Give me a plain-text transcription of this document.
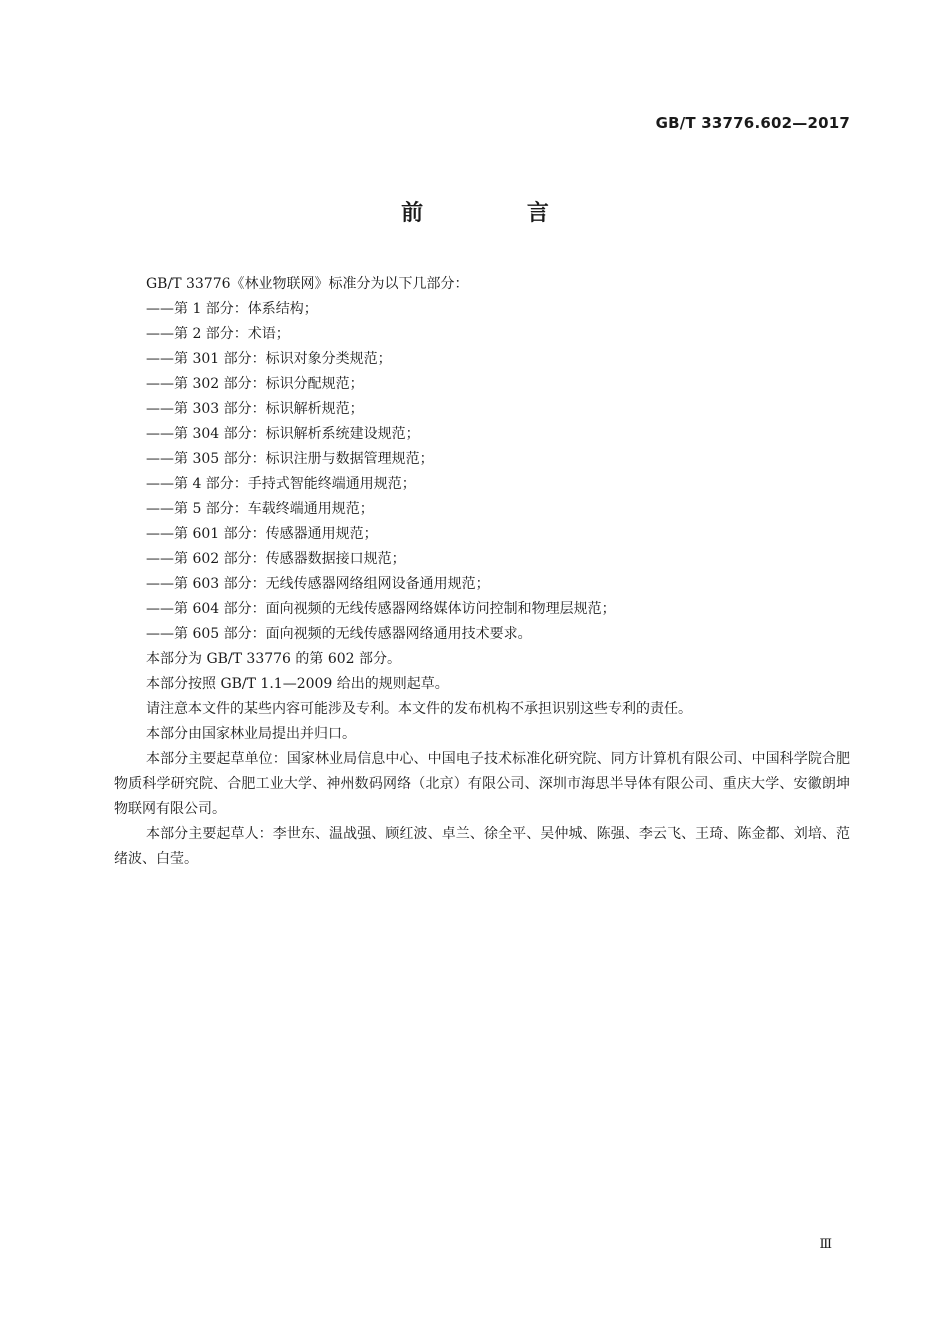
GB/T 33776.602—2017
前 言
GB/T 33776《林业物联网》标准分为以下几部分：
——第 1 部分：体系结构；
——第 2 部分：术语；
——第 301 部分：标识对象分类规范；
——第 302 部分：标识分配规范；
——第 303 部分：标识解析规范；
——第 304 部分：标识解析系统建设规范；
——第 305 部分：标识注册与数据管理规范；
——第 4 部分：手持式智能终端通用规范；
——第 5 部分：车载终端通用规范；
——第 601 部分：传感器通用规范；
——第 602 部分：传感器数据接口规范；
——第 603 部分：无线传感器网络组网设备通用规范；
——第 604 部分：面向视频的无线传感器网络媒体访问控制和物理层规范；
——第 605 部分：面向视频的无线传感器网络通用技术要求。
本部分为 GB/T 33776 的第 602 部分。
本部分按照 GB/T 1.1—2009 给出的规则起草。
请注意本文件的某些内容可能涉及专利。本文件的发布机构不承担识别这些专利的责任。
本部分由国家林业局提出并归口。
本部分主要起草单位：国家林业局信息中心、中国电子技术标准化研究院、同方计算机有限公司、中国科学院合肥物质科学研究院、合肥工业大学、神州数码网络（北京）有限公司、深圳市海思半导体有限公司、重庆大学、安徽朗坤物联网有限公司。
本部分主要起草人：李世东、温战强、顾红波、卓兰、徐全平、吴仲城、陈强、李云飞、王琦、陈金都、刘培、范绪波、白莹。
Ⅲ
